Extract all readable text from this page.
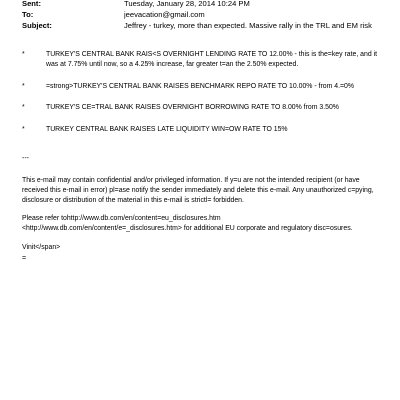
Sent:	Tuesday, January 28, 2014 10:24 PM
To:	jeevacation@gmail.com
Subject:	Jeffrey - turkey, more than expected. Massive rally in the TRL and EM risk
*	TURKEY'S CENTRAL BANK RAIS<S OVERNIGHT LENDING RATE TO 12.00% - this is the=key rate, and it was at 7.75% until now, so a 4.25% increase, far greater t=an the 2.50% expected.
*	=strong>TURKEY'S CENTRAL BANK RAISES BENCHMARK REPO RATE TO 10.00% - from 4.=0%
*	TURKEY'S CE=TRAL BANK RAISES OVERNIGHT BORROWING RATE TO 8.00% from 3.50%
*	TURKEY CENTRAL BANK RAISES LATE LIQUIDITY WIN=OW RATE TO 15%
---

This e-mail may contain confidential and/or privileged information. If y=u are not the intended recipient (or have received this e-mail in error) pl=ase notify the sender immediately and delete this e-mail. Any unauthorized c=pying, disclosure or distribution of the material in this e-mail is strictl= forbidden.

Please refer tohttp://www.db.com/en/content=eu_disclosures.htm
<http://www.db.com/en/content/e=_disclosures.htm> for additional EU corporate and regulatory disc=osures.

Vinit</span>

=
